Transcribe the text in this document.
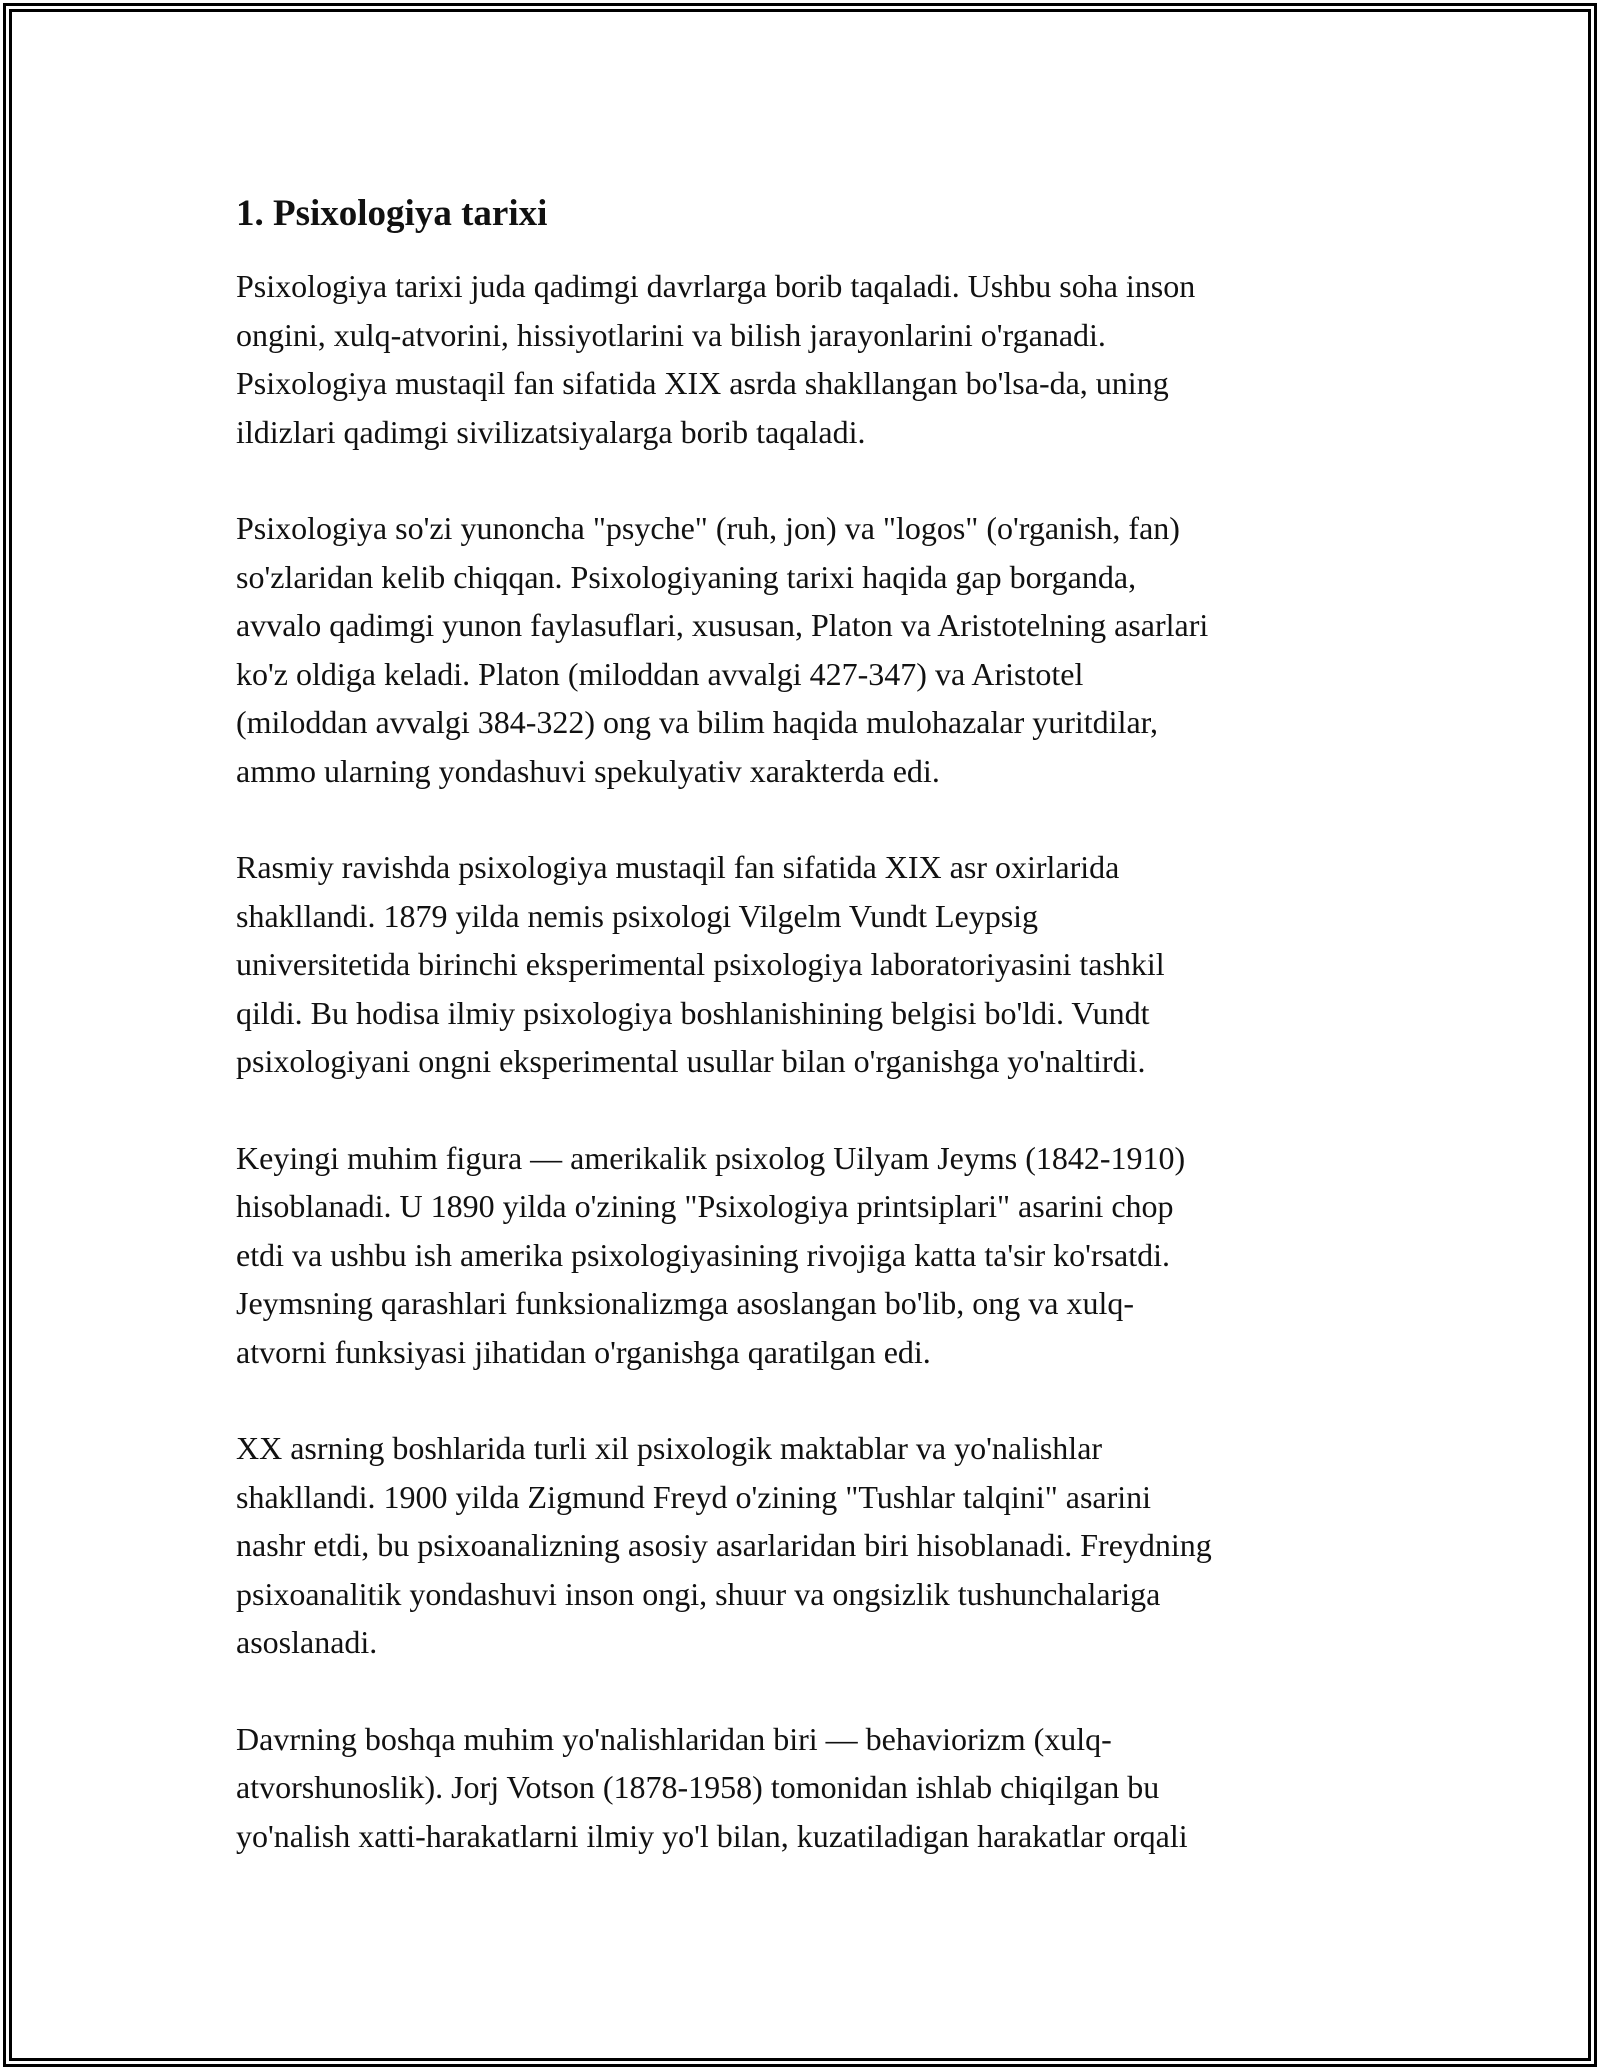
1. Psixologiya tarixi

Psixologiya tarixi juda qadimgi davrlarga borib taqaladi. Ushbu soha inson
ongini, xulq-atvorini, hissiyotlarini va bilish jarayonlarini o'rganadi.
Psixologiya mustaqil fan sifatida XIX asrda shakllangan bo'lsa-da, uning
ildizlari qadimgi sivilizatsiyalarga borib taqaladi.

Psixologiya so'zi yunoncha "psyche" (ruh, jon) va "logos" (o'rganish, fan)
so'zlaridan kelib chiqqan. Psixologiyaning tarixi haqida gap borganda,
avvalo qadimgi yunon faylasuflari, xususan, Platon va Aristotelning asarlari
ko'z oldiga keladi. Platon (miloddan avvalgi 427-347) va Aristotel
(miloddan avvalgi 384-322) ong va bilim haqida mulohazalar yuritdilar,
ammo ularning yondashuvi spekulyativ xarakterda edi.

Rasmiy ravishda psixologiya mustaqil fan sifatida XIX asr oxirlarida
shakllandi. 1879 yilda nemis psixologi Vilgelm Vundt Leypsig
universitetida birinchi eksperimental psixologiya laboratoriyasini tashkil
qildi. Bu hodisa ilmiy psixologiya boshlanishining belgisi bo'ldi. Vundt
psixologiyani ongni eksperimental usullar bilan o'rganishga yo'naltirdi.

Keyingi muhim figura — amerikalik psixolog Uilyam Jeyms (1842-1910)
hisoblanadi. U 1890 yilda o'zining "Psixologiya printsiplari" asarini chop
etdi va ushbu ish amerika psixologiyasining rivojiga katta ta'sir ko'rsatdi.
Jeymsning qarashlari funksionalizmga asoslangan bo'lib, ong va xulq-
atvorni funksiyasi jihatidan o'rganishga qaratilgan edi.

XX asrning boshlarida turli xil psixologik maktablar va yo'nalishlar
shakllandi. 1900 yilda Zigmund Freyd o'zining "Tushlar talqini" asarini
nashr etdi, bu psixoanalizning asosiy asarlaridan biri hisoblanadi. Freydning
psixoanalitik yondashuvi inson ongi, shuur va ongsizlik tushunchalariga
asoslanadi.

Davrning boshqa muhim yo'nalishlaridan biri — behaviorizm (xulq-
atvorshunoslik). Jorj Votson (1878-1958) tomonidan ishlab chiqilgan bu
yo'nalish xatti-harakatlarni ilmiy yo'l bilan, kuzatiladigan harakatlar orqali
